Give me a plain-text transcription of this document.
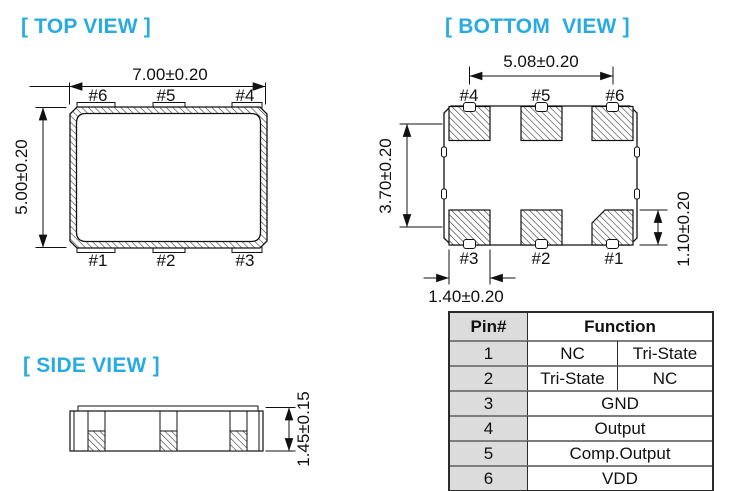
[ TOP VIEW ]	[ BOTTOM  VIEW ]
[ SIDE VIEW ]
7.00±0.20
5.00±0.20
#6	#5	#4
#1	#2	#3
5.08±0.20
3.70±0.20
1.10±0.20
1.40±0.20
#4	#5	#6
#3	#2	#1
1.45±0.15
Pin#	Function	
1	NC	Tri-State
2	Tri-State	NC
3	GND	
4	Output	
5	Comp.Output	
6	VDD	
